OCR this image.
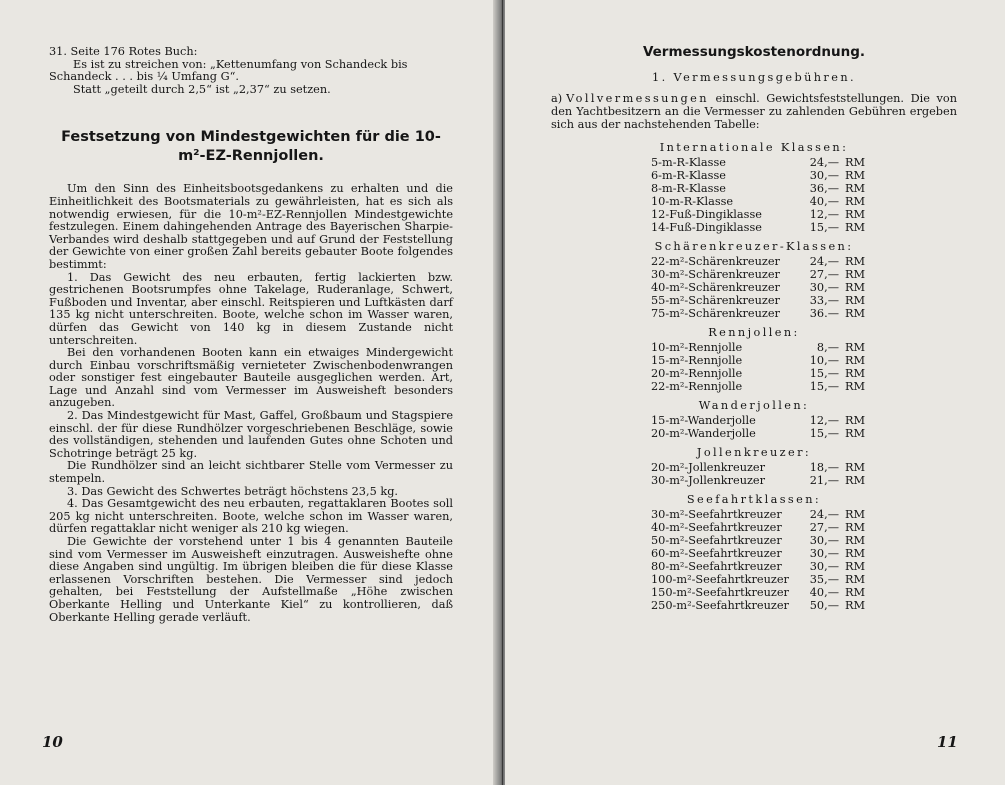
31. Seite 176 Rotes Buch:

Es ist zu streichen von: „Kettenumfang von Schandeck bis Schandeck . . . bis ¼ Umfang G“.

Statt „geteilt durch 2,5“ ist „2,37“ zu setzen.

Festsetzung von Mindestgewichten für die 10-m²-EZ-Rennjollen.

Um den Sinn des Einheitsbootsgedankens zu erhalten und die Einheitlichkeit des Bootsmaterials zu gewährleisten, hat es sich als notwendig erwiesen, für die 10-m²-EZ-Rennjollen Mindestgewichte festzulegen. Einem dahingehenden Antrage des Bayerischen Sharpie-Verbandes wird deshalb stattgegeben und auf Grund der Feststellung der Gewichte von einer großen Zahl bereits gebauter Boote folgendes bestimmt:

1. Das Gewicht des neu erbauten, fertig lackierten bzw. gestrichenen Bootsrumpfes ohne Takelage, Ruderanlage, Schwert, Fußboden und Inventar, aber einschl. Reitspieren und Luftkästen darf 135 kg nicht unterschreiten. Boote, welche schon im Wasser waren, dürfen das Gewicht von 140 kg in diesem Zustande nicht unterschreiten.

Bei den vorhandenen Booten kann ein etwaiges Mindergewicht durch Einbau vorschriftsmäßig vernieteter Zwischenbodenwrangen oder sonstiger fest eingebauter Bauteile ausgeglichen werden. Art, Lage und Anzahl sind vom Vermesser im Ausweisheft besonders anzugeben.

2. Das Mindestgewicht für Mast, Gaffel, Großbaum und Stagspiere einschl. der für diese Rundhölzer vorgeschriebenen Beschläge, sowie des vollständigen, stehenden und laufenden Gutes ohne Schoten und Schotringe beträgt 25 kg.

Die Rundhölzer sind an leicht sichtbarer Stelle vom Vermesser zu stempeln.

3. Das Gewicht des Schwertes beträgt höchstens 23,5 kg.

4. Das Gesamtgewicht des neu erbauten, regattaklaren Bootes soll 205 kg nicht unterschreiten. Boote, welche schon im Wasser waren, dürfen regattaklar nicht weniger als 210 kg wiegen.

Die Gewichte der vorstehend unter 1 bis 4 genannten Bauteile sind vom Vermesser im Ausweisheft einzutragen. Ausweishefte ohne diese Angaben sind ungültig. Im übrigen bleiben die für diese Klasse erlassenen Vorschriften bestehen. Die Vermesser sind jedoch gehalten, bei Feststellung der Aufstellmaße „Höhe zwischen Oberkante Helling und Unterkante Kiel“ zu kontrollieren, daß Oberkante Helling gerade verläuft.

10
Vermessungskostenordnung.
1. Vermessungsgebühren.

a) Vollvermessungen einschl. Gewichtsfeststellungen. Die von den Yachtbesitzern an die Vermesser zu zahlenden Gebühren ergeben sich aus der nachstehenden Tabelle:

Internationale Klassen:
5-m-R-Klasse	24,—	RM
6-m-R-Klasse	30,—	RM
8-m-R-Klasse	36,—	RM
10-m-R-Klasse	40,—	RM
12-Fuß-Dingiklasse	12,—	RM
14-Fuß-Dingiklasse	15,—	RM
Schärenkreuzer-Klassen:
22-m²-Schärenkreuzer	24,—	RM
30-m²-Schärenkreuzer	27,—	RM
40-m²-Schärenkreuzer	30,—	RM
55-m²-Schärenkreuzer	33,—	RM
75-m²-Schärenkreuzer	36.—	RM
Rennjollen:
10-m²-Rennjolle	8,—	RM
15-m²-Rennjolle	10,—	RM
20-m²-Rennjolle	15,—	RM
22-m²-Rennjolle	15,—	RM
Wanderjollen:
15-m²-Wanderjolle	12,—	RM
20-m²-Wanderjolle	15,—	RM
Jollenkreuzer:
20-m²-Jollenkreuzer	18,—	RM
30-m²-Jollenkreuzer	21,—	RM
Seefahrtklassen:
30-m²-Seefahrtkreuzer	24,—	RM
40-m²-Seefahrtkreuzer	27,—	RM
50-m²-Seefahrtkreuzer	30,—	RM
60-m²-Seefahrtkreuzer	30,—	RM
80-m²-Seefahrtkreuzer	30,—	RM
100-m²-Seefahrtkreuzer	35,—	RM
150-m²-Seefahrtkreuzer	40,—	RM
250-m²-Seefahrtkreuzer	50,—	RM
11
